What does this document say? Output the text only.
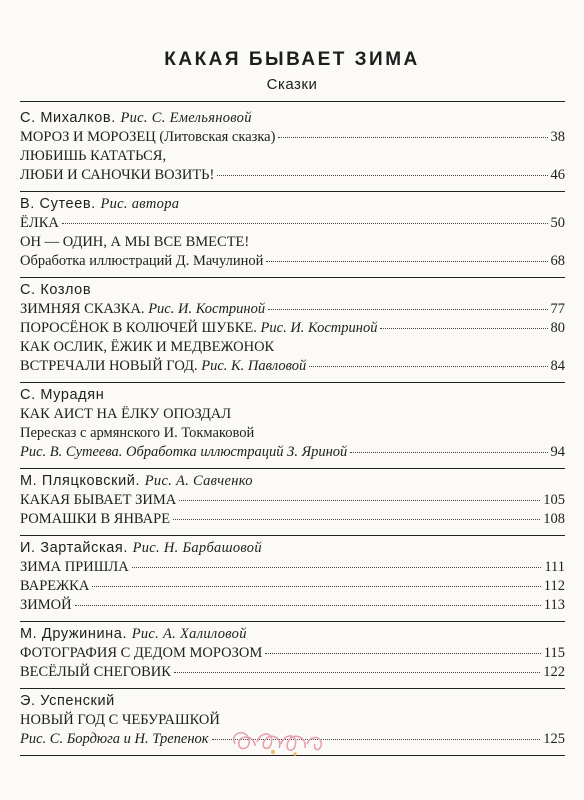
КАКАЯ БЫВАЕТ ЗИМА
Сказки
С. Михалков. Рис. С. Емельяновой
МОРОЗ И МОРОЗЕЦ (Литовская сказка)	38
ЛЮБИШЬ КАТАТЬСЯ,
ЛЮБИ И САНОЧКИ ВОЗИТЬ!	46
В. Сутеев. Рис. автора
ЁЛКА	50
ОН — ОДИН, А МЫ ВСЕ ВМЕСТЕ!
Обработка иллюстраций Д. Мачулиной	68
С. Козлов
ЗИМНЯЯ СКАЗКА. Рис. И. Костриной	77
ПОРОСЁНОК В КОЛЮЧЕЙ ШУБКЕ. Рис. И. Костриной	80
КАК ОСЛИК, ЁЖИК И МЕДВЕЖОНОК
ВСТРЕЧАЛИ НОВЫЙ ГОД. Рис. К. Павловой	84
С. Мурадян
КАК АИСТ НА ЁЛКУ ОПОЗДАЛ
Пересказ с армянского И. Токмаковой
Рис. В. Сутеева. Обработка иллюстраций З. Яриной	94
М. Пляцковский. Рис. А. Савченко
КАКАЯ БЫВАЕТ ЗИМА	105
РОМАШКИ В ЯНВАРЕ	108
И. Зартайская. Рис. Н. Барбашовой
ЗИМА ПРИШЛА	111
ВАРЕЖКА	112
ЗИМОЙ	113
М. Дружинина. Рис. А. Халиловой
ФОТОГРАФИЯ С ДЕДОМ МОРОЗОМ	115
ВЕСЁЛЫЙ СНЕГОВИК	122
Э. Успенский
НОВЫЙ ГОД С ЧЕБУРАШКОЙ
Рис. С. Бордюга и Н. Трепенок	125
